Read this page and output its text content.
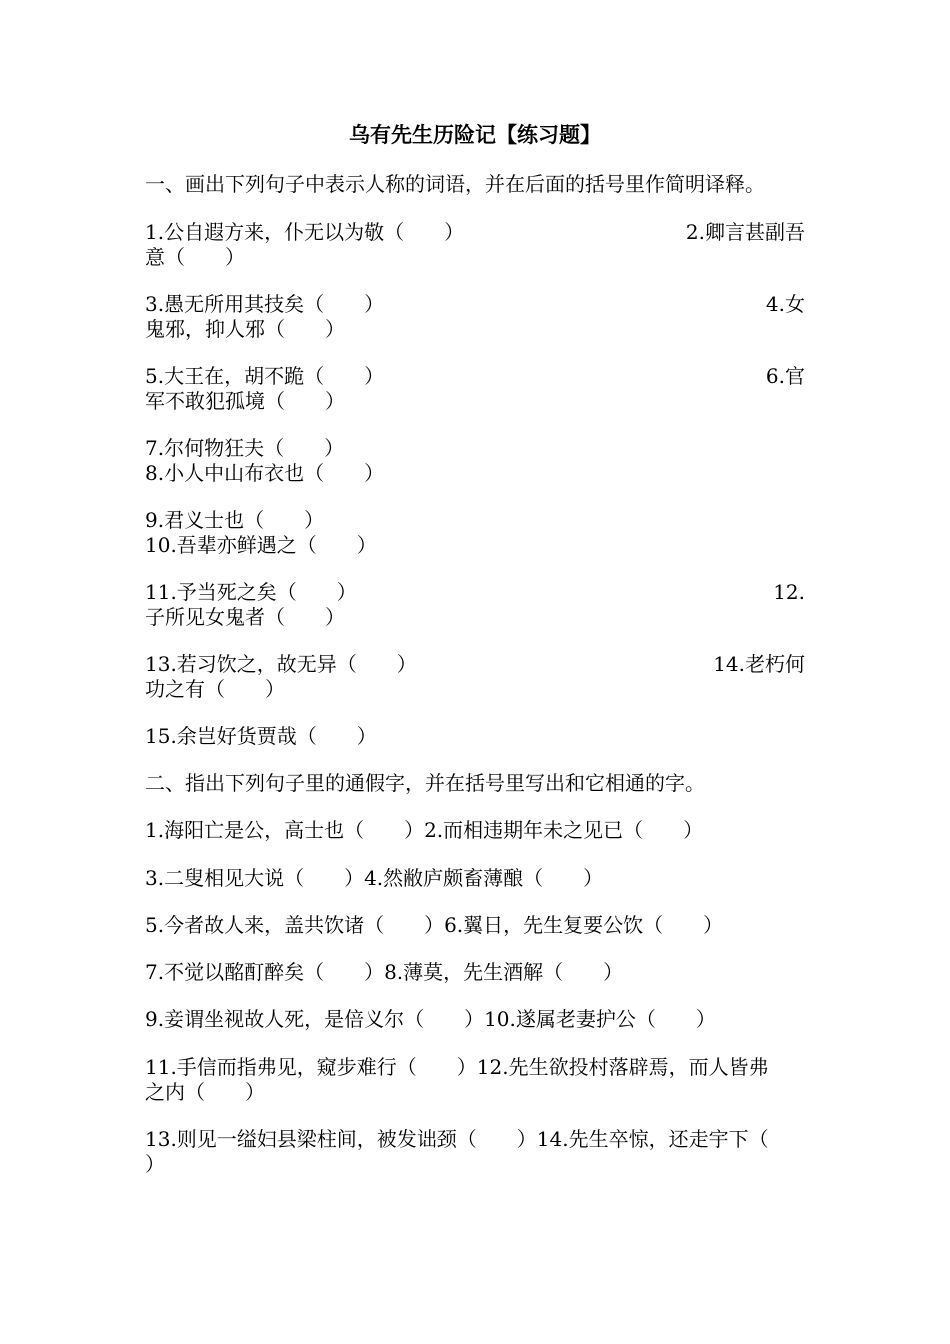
乌有先生历险记【练习题】
一、画出下列句子中表示人称的词语，并在后面的括号里作简明译释。
1.公自遐方来，仆无以为敬（　　）	2.卿言甚副吾
意（　　）
3.愚无所用其技矣（　　）	4.女
鬼邪，抑人邪（　　）
5.大王在，胡不跪（　　）	6.官
军不敢犯孤境（　　）
7.尔何物狂夫（　　）
8.小人中山布衣也（　　）
9.君义士也（　　）
10.吾辈亦鲜遇之（　　）
11.予当死之矣（　　）	12.
子所见女鬼者（　　）
13.若习饮之，故无异（　　）	14.老朽何
功之有（　　）
15.余岂好货贾哉（　　）
二、指出下列句子里的通假字，并在括号里写出和它相通的字。
1.海阳亡是公，高士也（　　）2.而相违期年未之见已（　　）
3.二叟相见大说（　　）4.然敝庐颇畜薄酿（　　）
5.今者故人来，盖共饮诸（　　）6.翼日，先生复要公饮（　　）
7.不觉以酩酊醉矣（　　）8.薄莫，先生酒解（　　）
9.妾谓坐视故人死，是倍义尔（　　）10.遂属老妻护公（　　）
11.手信而指弗见，窥步难行（　　）12.先生欲投村落辟焉，而人皆弗
之内（　　）
13.则见一缢妇县梁柱间，被发诎颈（　　）14.先生卒惊，还走宇下（
）
